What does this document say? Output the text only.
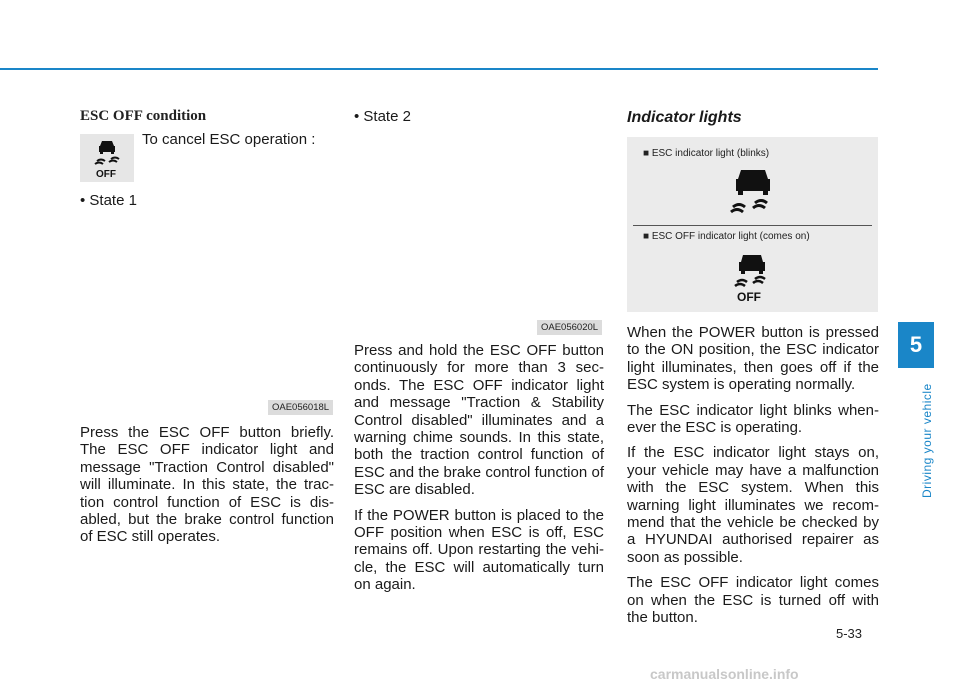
ESC OFF condition
OFF
To cancel ESC operation :
• State 1
OAE056018L

Press the ESC OFF button briefly. The ESC OFF indicator light and message "Traction Control disabled" will illuminate. In this state, the trac-tion control function of ESC is dis-abled, but the brake control function of ESC still operates.

• State 2
OAE056020L

Press and hold the ESC OFF button continuously for more than 3 sec-onds. The ESC OFF indicator light and message "Traction & Stability Control disabled" illuminates and a warning chime sounds. In this state, both the traction control function of ESC and the brake control function of ESC are disabled.

If the POWER button is placed to the OFF position when ESC is off, ESC remains off. Upon restarting the vehi-cle, the ESC will automatically turn on again.

Indicator lights
■ ESC indicator light (blinks)
■ ESC OFF indicator light (comes on)
OFF

When the POWER button is pressed to the ON position, the ESC indicator light illuminates, then goes off if the ESC system is operating normally.

The ESC indicator light blinks when-ever the ESC is operating.

If the ESC indicator light stays on, your vehicle may have a malfunction with the ESC system. When this warning light illuminates we recom-mend that the vehicle be checked by a HYUNDAI authorised repairer as soon as possible.

The ESC OFF indicator light comes on when the ESC is turned off with the button.

5
Driving your vehicle
5-33
carmanualsonline.info
